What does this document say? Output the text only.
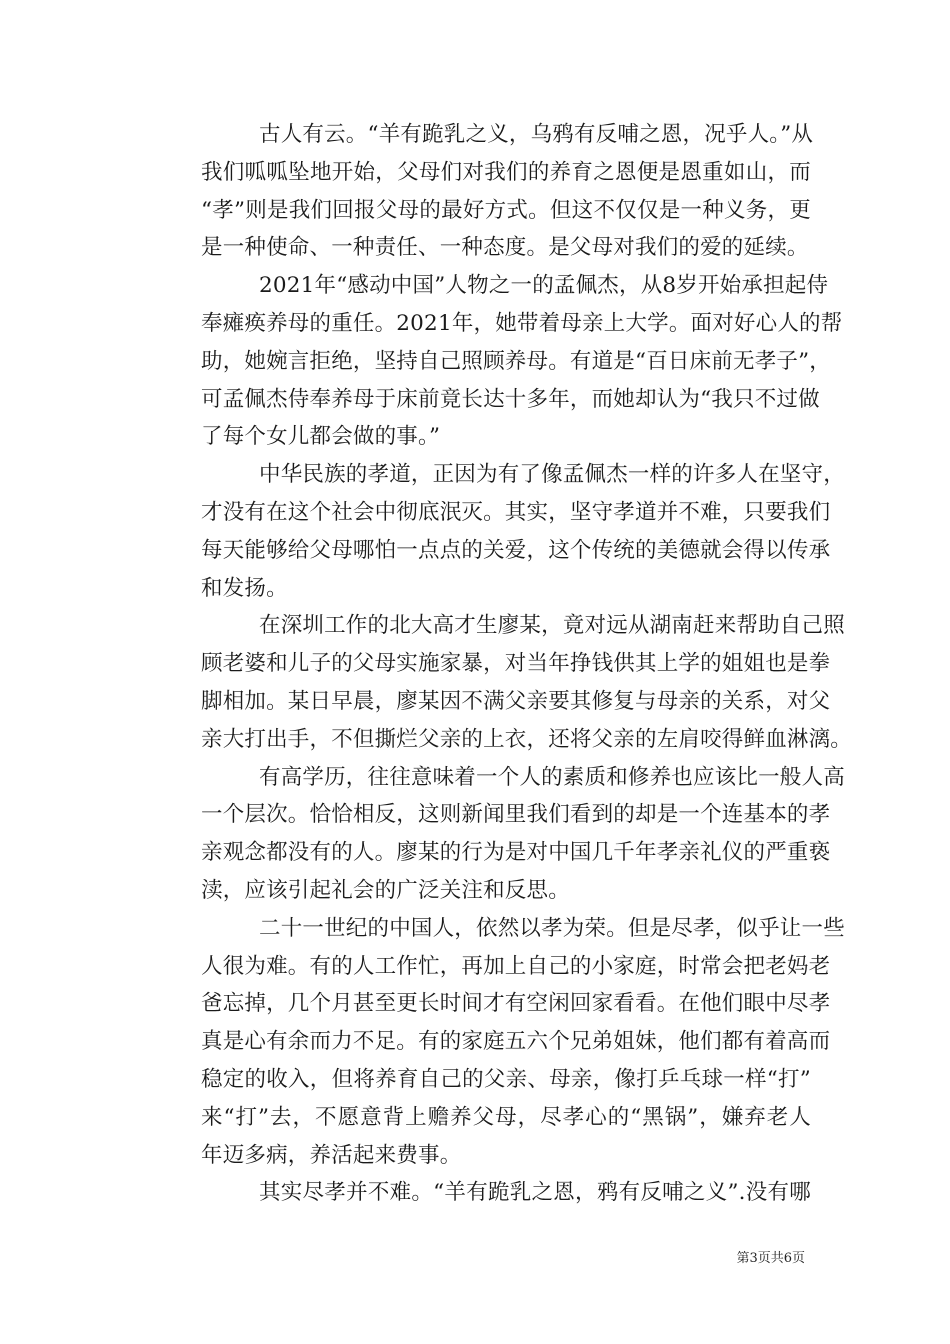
古人有云。“羊有跪乳之义，乌鸦有反哺之恩，况乎人。”从
我们呱呱坠地开始，父母们对我们的养育之恩便是恩重如山，而
“孝”则是我们回报父母的最好方式。但这不仅仅是一种义务，更
是一种使命、一种责任、一种态度。是父母对我们的爱的延续。

2021年“感动中国”人物之一的孟佩杰，从8岁开始承担起侍
奉瘫痪养母的重任。2021年，她带着母亲上大学。面对好心人的帮
助，她婉言拒绝，坚持自己照顾养母。有道是“百日床前无孝子”，
可孟佩杰侍奉养母于床前竟长达十多年，而她却认为“我只不过做
了每个女儿都会做的事。”

中华民族的孝道，正因为有了像孟佩杰一样的许多人在坚守，
才没有在这个社会中彻底泯灭。其实，坚守孝道并不难，只要我们
每天能够给父母哪怕一点点的关爱，这个传统的美德就会得以传承
和发扬。

在深圳工作的北大高才生廖某，竟对远从湖南赶来帮助自己照
顾老婆和儿子的父母实施家暴，对当年挣钱供其上学的姐姐也是拳
脚相加。某日早晨，廖某因不满父亲要其修复与母亲的关系，对父
亲大打出手，不但撕烂父亲的上衣，还将父亲的左肩咬得鲜血淋漓。

有高学历，往往意味着一个人的素质和修养也应该比一般人高
一个层次。恰恰相反，这则新闻里我们看到的却是一个连基本的孝
亲观念都没有的人。廖某的行为是对中国几千年孝亲礼仪的严重亵
渎，应该引起礼会的广泛关注和反思。

二十一世纪的中国人，依然以孝为荣。但是尽孝，似乎让一些
人很为难。有的人工作忙，再加上自己的小家庭，时常会把老妈老
爸忘掉，几个月甚至更长时间才有空闲回家看看。在他们眼中尽孝
真是心有余而力不足。有的家庭五六个兄弟姐妹，他们都有着高而
稳定的收入，但将养育自己的父亲、母亲，像打乒乓球一样“打”
来“打”去，不愿意背上赡养父母，尽孝心的“黑锅”，嫌弃老人
年迈多病，养活起来费事。

其实尽孝并不难。“羊有跪乳之恩，鸦有反哺之义”.没有哪

第3页共6页
